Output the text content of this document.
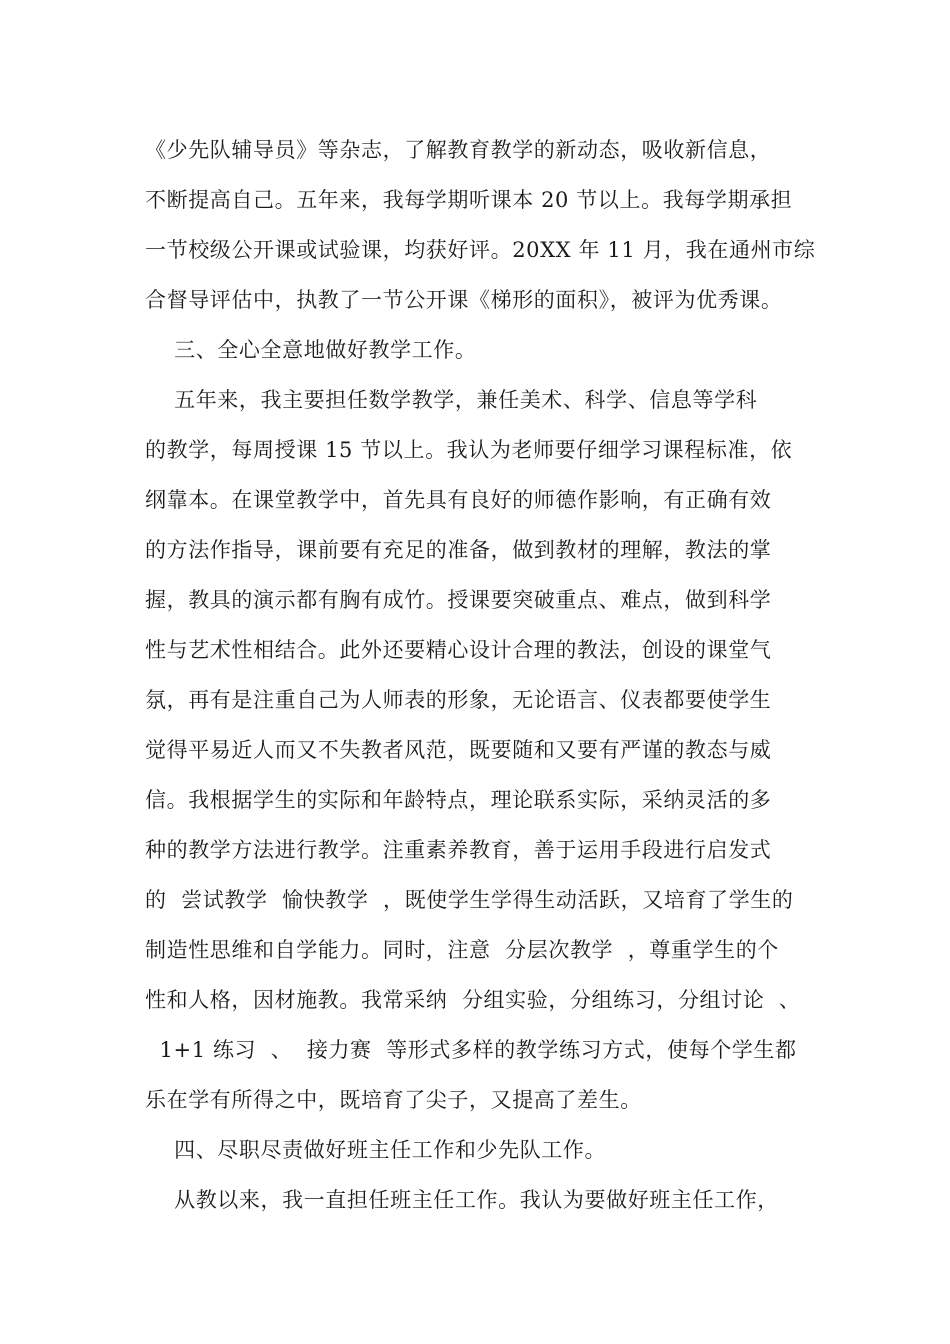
《少先队辅导员》等杂志，了解教育教学的新动态，吸收新信息，
不断提高自己。五年来，我每学期听课本 20 节以上。我每学期承担
一节校级公开课或试验课，均获好评。20XX 年 11 月，我在通州市综
合督导评估中，执教了一节公开课《梯形的面积》，被评为优秀课。
三、全心全意地做好教学工作。
五年来，我主要担任数学教学，兼任美术、科学、信息等学科
的教学，每周授课 15 节以上。我认为老师要仔细学习课程标准，依
纲靠本。在课堂教学中，首先具有良好的师德作影响，有正确有效
的方法作指导，课前要有充足的准备，做到教材的理解，教法的掌
握，教具的演示都有胸有成竹。授课要突破重点、难点，做到科学
性与艺术性相结合。此外还要精心设计合理的教法，创设的课堂气
氛，再有是注重自己为人师表的形象，无论语言、仪表都要使学生
觉得平易近人而又不失教者风范，既要随和又要有严谨的教态与威
信。我根据学生的实际和年龄特点，理论联系实际，采纳灵活的多
种的教学方法进行教学。注重素养教育，善于运用手段进行启发式
的  尝试教学  愉快教学  ，既使学生学得生动活跃，又培育了学生的
制造性思维和自学能力。同时，注意  分层次教学  ，尊重学生的个
性和人格，因材施教。我常采纳  分组实验，分组练习，分组讨论  、
1+1 练习  、  接力赛  等形式多样的教学练习方式，使每个学生都
乐在学有所得之中，既培育了尖子，又提高了差生。
四、尽职尽责做好班主任工作和少先队工作。
从教以来，我一直担任班主任工作。我认为要做好班主任工作，
